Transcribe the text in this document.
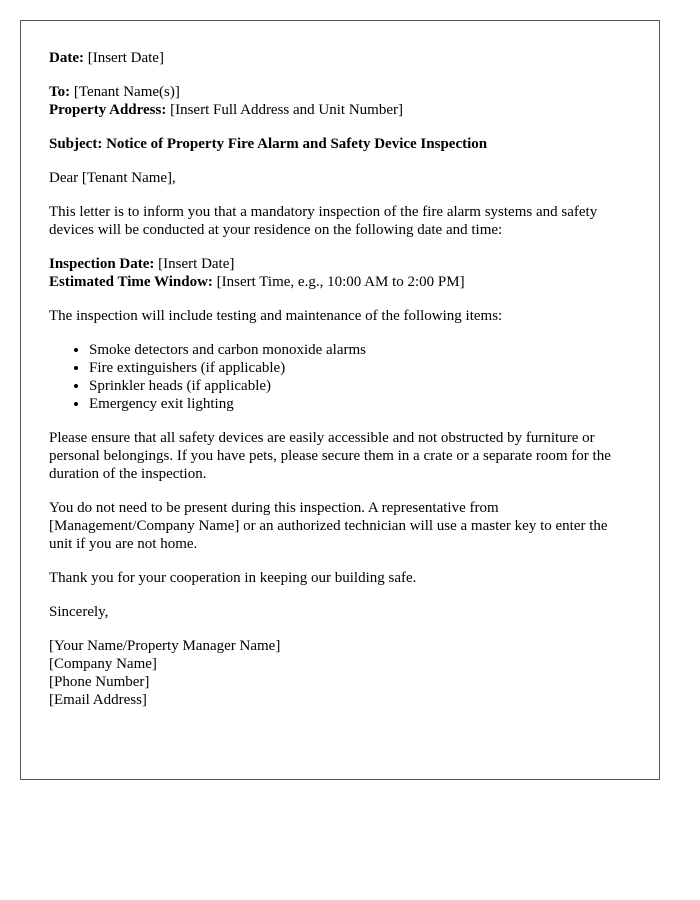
Date: [Insert Date]

To: [Tenant Name(s)]
Property Address: [Insert Full Address and Unit Number]

Subject: Notice of Property Fire Alarm and Safety Device Inspection

Dear [Tenant Name],

This letter is to inform you that a mandatory inspection of the fire alarm systems and safety devices will be conducted at your residence on the following date and time:

Inspection Date: [Insert Date]
Estimated Time Window: [Insert Time, e.g., 10:00 AM to 2:00 PM]

The inspection will include testing and maintenance of the following items:

• Smoke detectors and carbon monoxide alarms
• Fire extinguishers (if applicable)
• Sprinkler heads (if applicable)
• Emergency exit lighting

Please ensure that all safety devices are easily accessible and not obstructed by furniture or personal belongings. If you have pets, please secure them in a crate or a separate room for the duration of the inspection.

You do not need to be present during this inspection. A representative from [Management/Company Name] or an authorized technician will use a master key to enter the unit if you are not home.

Thank you for your cooperation in keeping our building safe.

Sincerely,

[Your Name/Property Manager Name]
[Company Name]
[Phone Number]
[Email Address]
